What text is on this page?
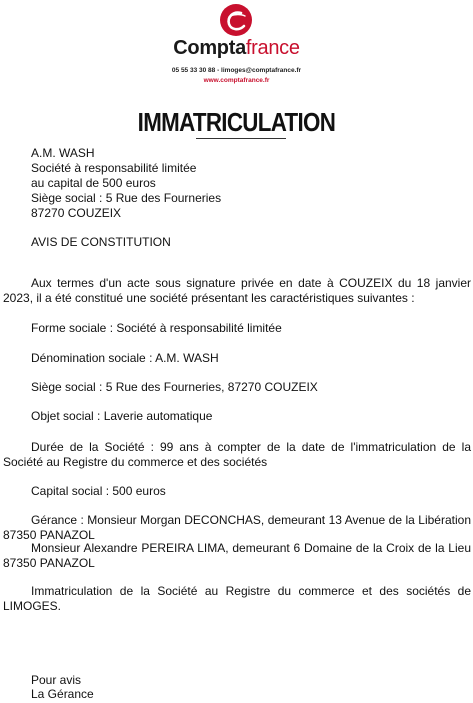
Comptafrance
05 55 33 30 88 - limoges@comptafrance.fr
www.comptafrance.fr
IMMATRICULATION
A.M. WASH
Société à responsabilité limitée
au capital de 500 euros
Siège social : 5 Rue des Fourneries
87270 COUZEIX
AVIS DE CONSTITUTION
Aux termes d'un acte sous signature privée en date à COUZEIX du 18 janvier 2023, il a été constitué une société présentant les caractéristiques suivantes :
Forme sociale : Société à responsabilité limitée
Dénomination sociale : A.M. WASH
Siège social : 5 Rue des Fourneries, 87270 COUZEIX
Objet social : Laverie automatique
Durée de la Société : 99 ans à compter de la date de l'immatriculation de la Société au Registre du commerce et des sociétés
Capital social : 500 euros
Gérance : Monsieur Morgan DECONCHAS, demeurant 13 Avenue de la Libération 87350 PANAZOL
Monsieur Alexandre PEREIRA LIMA, demeurant 6 Domaine de la Croix de la Lieu 87350 PANAZOL
Immatriculation de la Société au Registre du commerce et des sociétés de LIMOGES.
Pour avis
La Gérance
